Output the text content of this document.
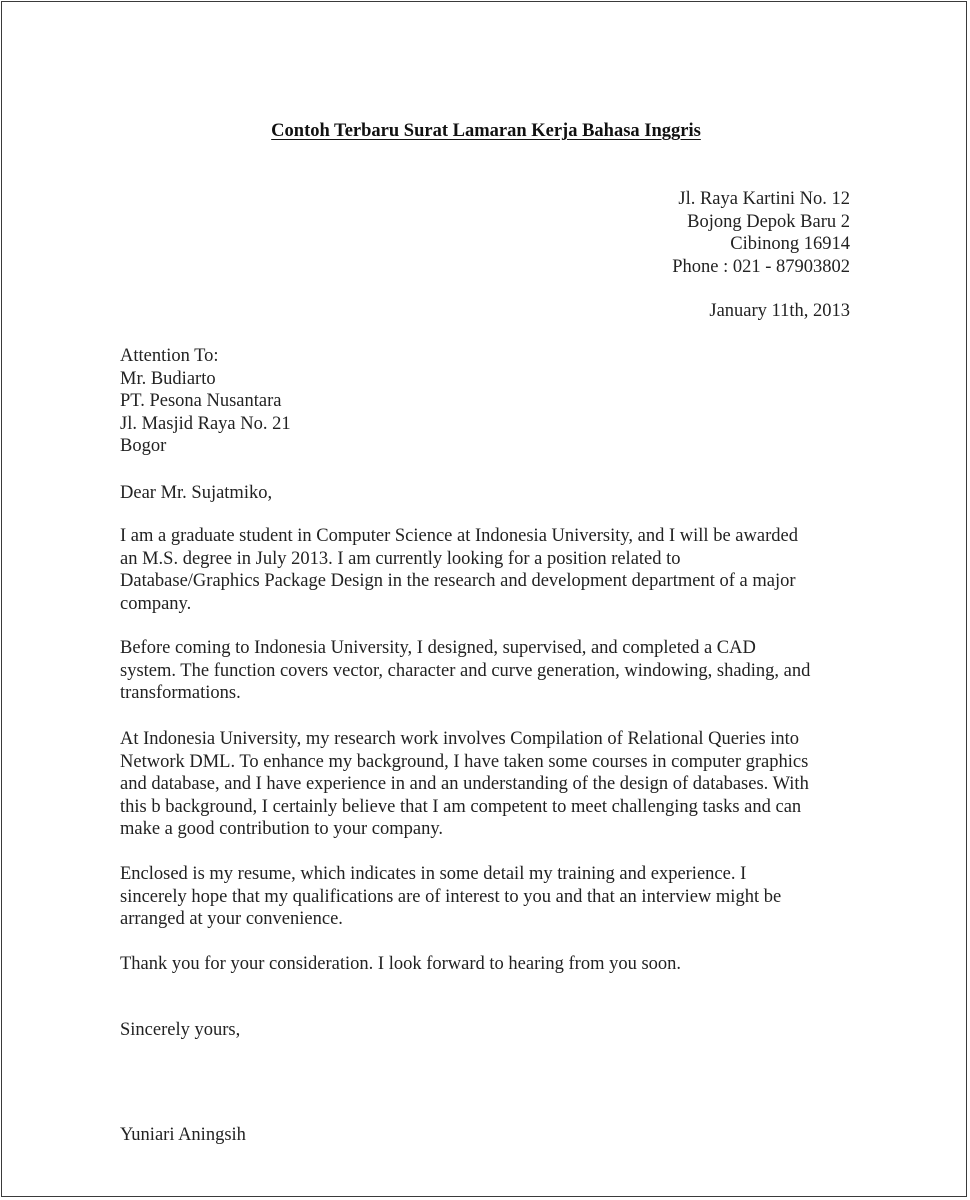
Contoh Terbaru Surat Lamaran Kerja Bahasa Inggris
Jl. Raya Kartini No. 12
Bojong Depok Baru 2
Cibinong 16914
Phone : 021 - 87903802
January 11th, 2013
Attention To:
Mr. Budiarto
PT. Pesona Nusantara
Jl. Masjid Raya No. 21
Bogor
Dear Mr. Sujatmiko,

I am a graduate student in Computer Science at Indonesia University, and I will be awarded
an M.S. degree in July 2013. I am currently looking for a position related to
Database/Graphics Package Design in the research and development department of a major
company.

Before coming to Indonesia University, I designed, supervised, and completed a CAD
system. The function covers vector, character and curve generation, windowing, shading, and
transformations.

At Indonesia University, my research work involves Compilation of Relational Queries into
Network DML. To enhance my background, I have taken some courses in computer graphics
and database, and I have experience in and an understanding of the design of databases. With
this b background, I certainly believe that I am competent to meet challenging tasks and can
make a good contribution to your company.

Enclosed is my resume, which indicates in some detail my training and experience. I
sincerely hope that my qualifications are of interest to you and that an interview might be
arranged at your convenience.

Thank you for your consideration. I look forward to hearing from you soon.

Sincerely yours,
Yuniari Aningsih
